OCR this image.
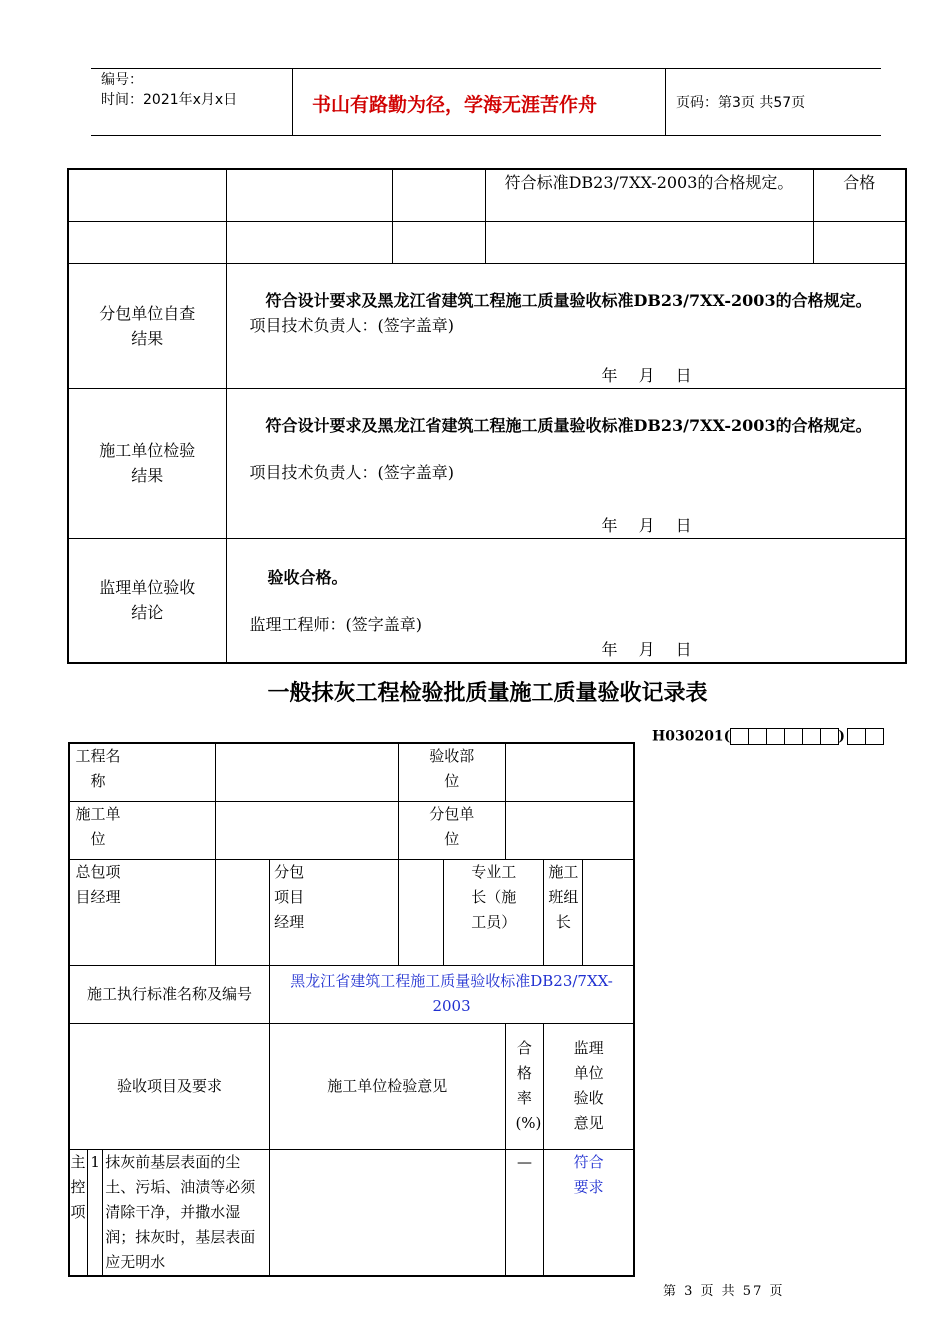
编号：
时间：2021年x月x日	书山有路勤为径，学海无涯苦作舟	页码：第3页 共57页
			符合标准DB23/7XX-2003的合格规定。	合格

分包单位自查结果	符合设计要求及黑龙江省建筑工程施工质量验收标准DB23/7XX-2003的合格规定。
项目技术负责人：(签字盖章)
年　 月　 日			

施工单位检验结果	符合设计要求及黑龙江省建筑工程施工质量验收标准DB23/7XX-2003的合格规定。
项目技术负责人：(签字盖章)
年　 月　 日			

监理单位验收结论	验收合格。
监理工程师：(签字盖章)
年　 月　 日			
一般抹灰工程检验批质量施工质量验收记录表
H030201(	)
工程名称					验收部位				

施工单位					分包单位				

总包项目经理				分包项目经理		专业工长（施工员）		施工班组长	

施工执行标准名称及编号				黑龙江省建筑工程施工质量验收标准DB23/7XX-2003					
验收项目及要求				施工单位检验意见			合格率(%)	监理单位验收意见	

主控项	1	抹灰前基层表面的尘土、污垢、油渍等必须清除干净，并撒水湿润；抹灰时，基层表面应无明水					—	符合要求	
第 3 页 共 57 页
